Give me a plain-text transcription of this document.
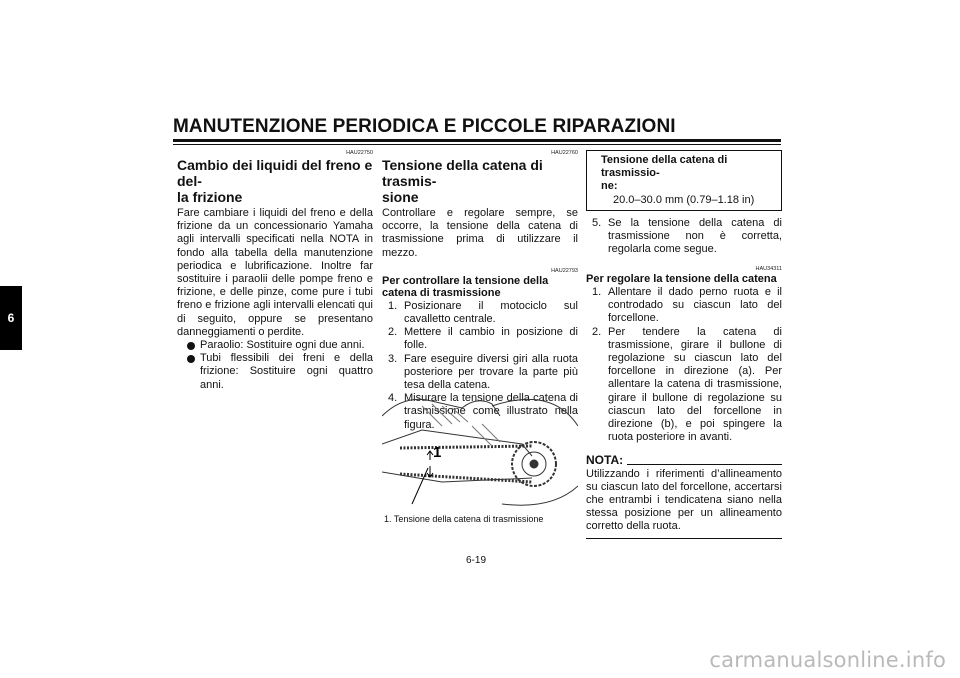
MANUTENZIONE PERIODICA E PICCOLE RIPARAZIONI
6
HAU22750
Cambio dei liquidi del freno e del-
la frizione

Fare cambiare i liquidi del freno e della frizione da un concessionario Yamaha agli intervalli specificati nella NOTA in fondo alla tabella della manutenzione periodica e lubrificazione. Inoltre far sostituire i paraolii delle pompe freno e frizione, e delle pinze, come pure i tubi freno e frizione agli intervalli elencati qui di seguito, oppure se presentano danneggiamenti o perdite.

Paraolio: Sostituire ogni due anni.
Tubi flessibili dei freni e della frizione: Sostituire ogni quattro anni.
HAU22760
Tensione della catena di trasmis-
sione

Controllare e regolare sempre, se occorre, la tensione della catena di trasmissione prima di utilizzare il mezzo.

HAU22793
Per controllare la tensione della catena di trasmissione
1. Posizionare il motociclo sul cavalletto centrale.
2. Mettere il cambio in posizione di folle.
3. Fare eseguire diversi giri alla ruota posteriore per trovare la parte più tesa della catena.
4. Misurare la tensione della catena di trasmissione come illustrato nella figura.
1
1. Tensione della catena di trasmissione
Tensione della catena di trasmissio-
ne:
20.0–30.0 mm (0.79–1.18 in)
5. Se la tensione della catena di trasmissione non è corretta, regolarla come segue.
HAU34311
Per regolare la tensione della catena
1. Allentare il dado perno ruota e il controdado su ciascun lato del forcellone.
2. Per tendere la catena di trasmissione, girare il bullone di regolazione su ciascun lato del forcellone in direzione (a). Per allentare la catena di trasmissione, girare il bullone di regolazione su ciascun lato del forcellone in direzione (b), e poi spingere la ruota posteriore in avanti.
NOTA:

Utilizzando i riferimenti d’allineamento su ciascun lato del forcellone, accertarsi che entrambi i tendicatena siano nella stessa posizione per un allineamento corretto della ruota.

6-19
carmanualsonline.info
